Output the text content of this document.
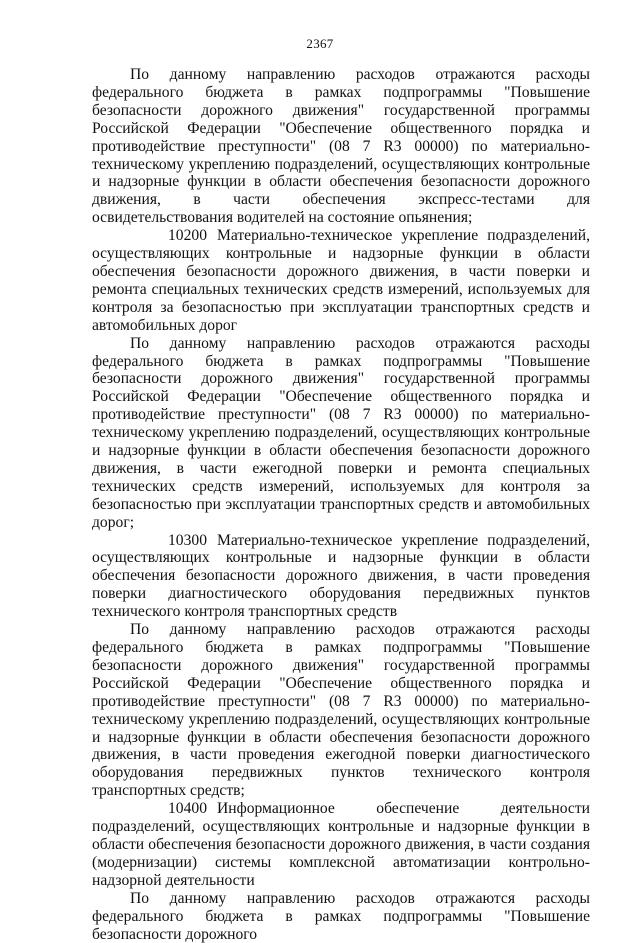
2367

По данному направлению расходов отражаются расходы федерального бюджета в рамках подпрограммы "Повышение безопасности дорожного движения" государственной программы Российской Федерации "Обеспечение общественного порядка и противодействие преступности" (08 7 R3 00000) по материально-техническому укреплению подразделений, осуществляющих контрольные и надзорные функции в области обеспечения безопасности дорожного движения, в части обеспечения экспресс-тестами для освидетельствования водителей на состояние опьянения;

10200 Материально-техническое укрепление подразделений, осуществляющих контрольные и надзорные функции в области обеспечения безопасности дорожного движения, в части поверки и ремонта специальных технических средств измерений, используемых для контроля за безопасностью при эксплуатации транспортных средств и автомобильных дорог

По данному направлению расходов отражаются расходы федерального бюджета в рамках подпрограммы "Повышение безопасности дорожного движения" государственной программы Российской Федерации "Обеспечение общественного порядка и противодействие преступности" (08 7 R3 00000) по материально-техническому укреплению подразделений, осуществляющих контрольные и надзорные функции в области обеспечения безопасности дорожного движения, в части ежегодной поверки и ремонта специальных технических средств измерений, используемых для контроля за безопасностью при эксплуатации транспортных средств и автомобильных дорог;

10300 Материально-техническое укрепление подразделений, осуществляющих контрольные и надзорные функции в области обеспечения безопасности дорожного движения, в части проведения поверки диагностического оборудования передвижных пунктов технического контроля транспортных средств

По данному направлению расходов отражаются расходы федерального бюджета в рамках подпрограммы "Повышение безопасности дорожного движения" государственной программы Российской Федерации "Обеспечение общественного порядка и противодействие преступности" (08 7 R3 00000) по материально-техническому укреплению подразделений, осуществляющих контрольные и надзорные функции в области обеспечения безопасности дорожного движения, в части проведения ежегодной поверки диагностического оборудования передвижных пунктов технического контроля транспортных средств;

10400 Информационное обеспечение деятельности подразделений, осуществляющих контрольные и надзорные функции в области обеспечения безопасности дорожного движения, в части создания (модернизации) системы комплексной автоматизации контрольно-надзорной деятельности

По данному направлению расходов отражаются расходы федерального бюджета в рамках подпрограммы "Повышение безопасности дорожного
